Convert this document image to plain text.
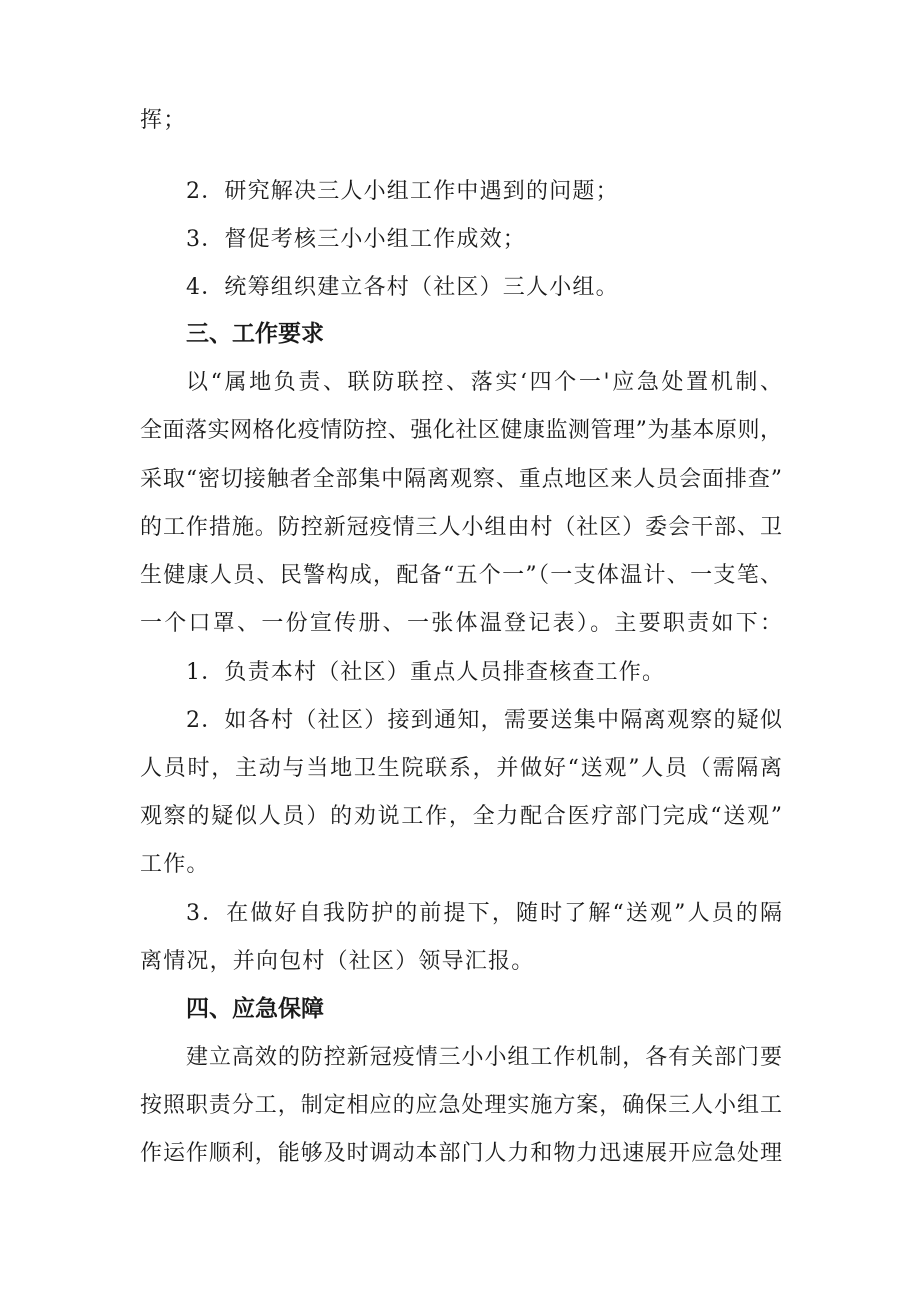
挥；
2．研究解决三人小组工作中遇到的问题；
3．督促考核三小小组工作成效；
4．统筹组织建立各村（社区）三人小组。
三、工作要求
以“属地负责、联防联控、落实‘四个一'应急处置机制、
全面落实网格化疫情防控、强化社区健康监测管理”为基本原则，
采取“密切接触者全部集中隔离观察、重点地区来人员会面排查”
的工作措施。防控新冠疫情三人小组由村（社区）委会干部、卫
生健康人员、民警构成，配备“五个一”（一支体温计、一支笔、
一个口罩、一份宣传册、一张体温登记表）。主要职责如下：
1．负责本村（社区）重点人员排查核查工作。
2．如各村（社区）接到通知，需要送集中隔离观察的疑似
人员时，主动与当地卫生院联系，并做好“送观”人员（需隔离
观察的疑似人员）的劝说工作，全力配合医疗部门完成“送观”
工作。
3．在做好自我防护的前提下，随时了解“送观”人员的隔
离情况，并向包村（社区）领导汇报。
四、应急保障
建立高效的防控新冠疫情三小小组工作机制，各有关部门要
按照职责分工，制定相应的应急处理实施方案，确保三人小组工
作运作顺利，能够及时调动本部门人力和物力迅速展开应急处理
